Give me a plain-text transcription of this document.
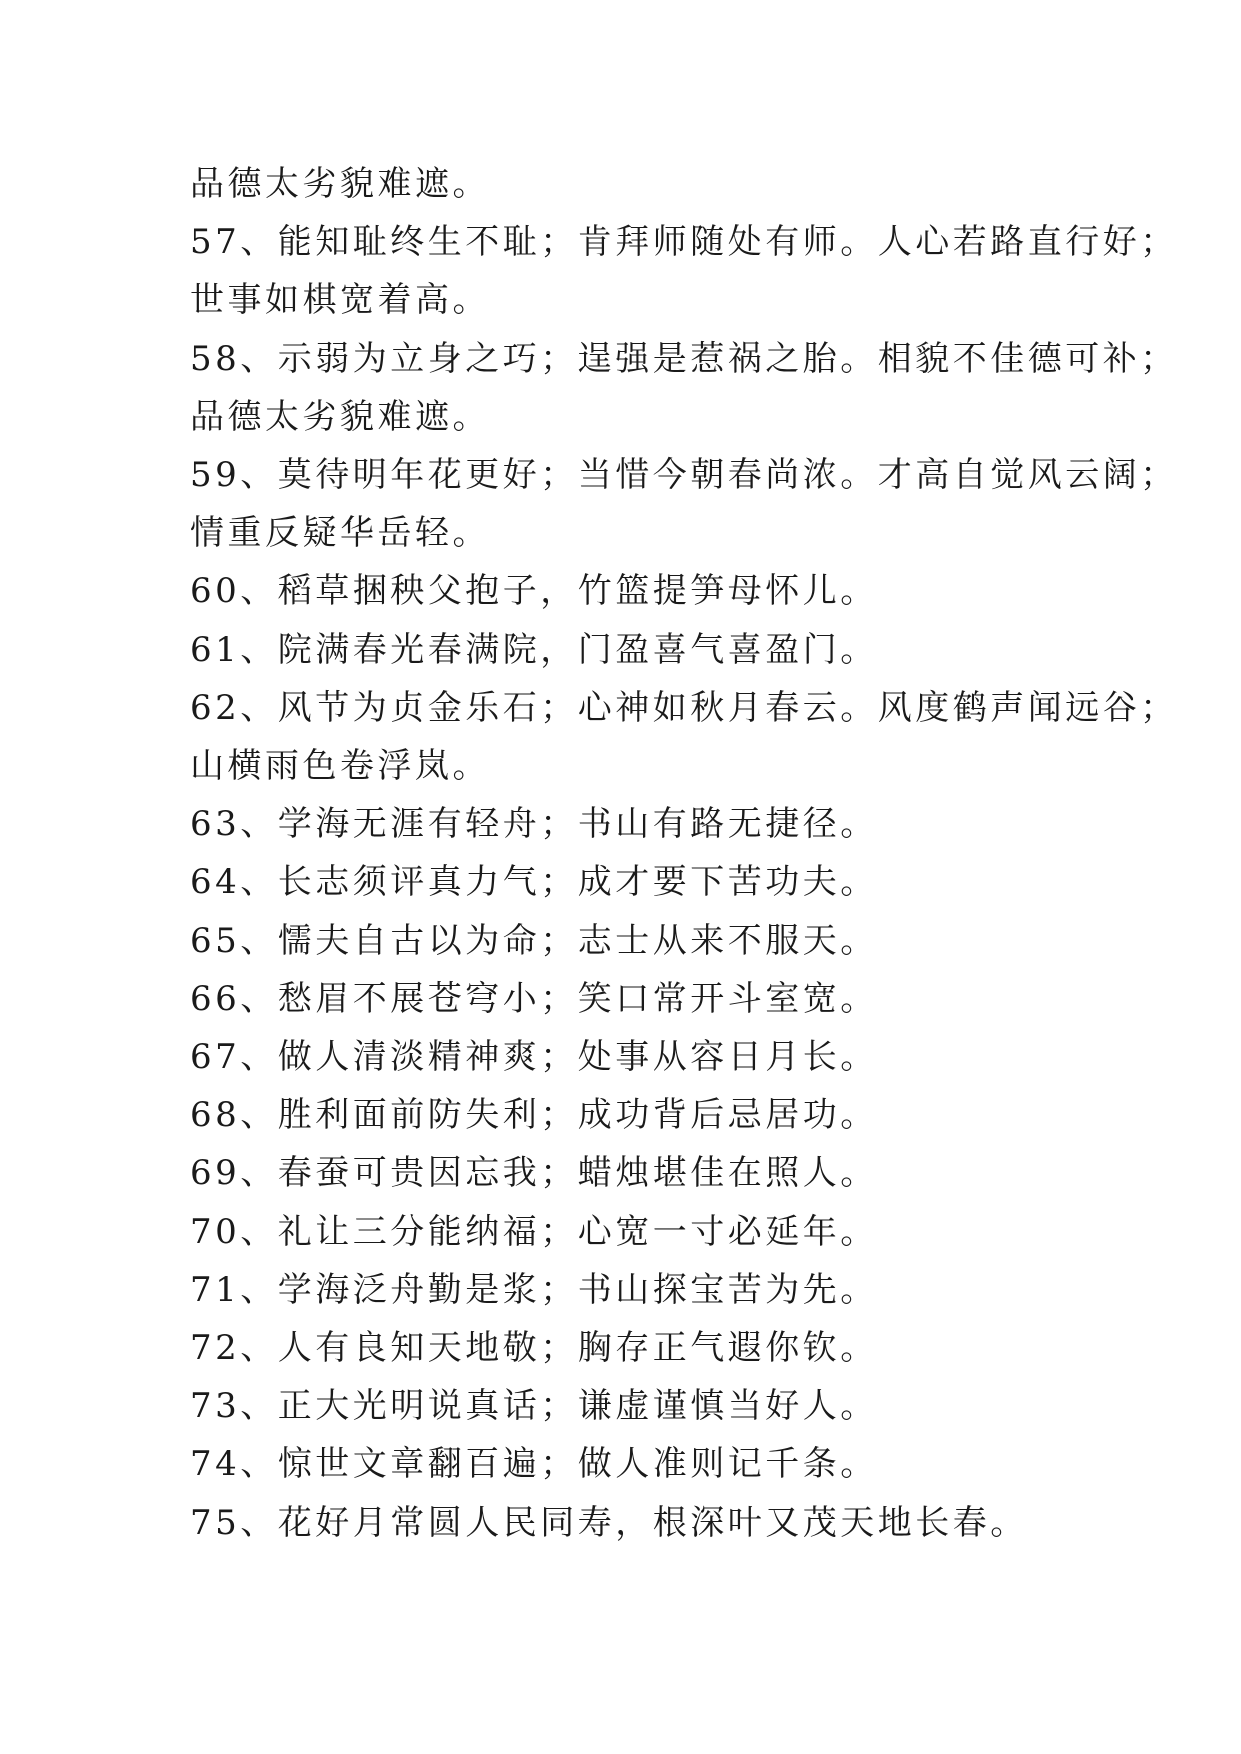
品德太劣貌难遮。

57、能知耻终生不耻；肯拜师随处有师。人心若路直行好；

世事如棋宽着高。

58、示弱为立身之巧；逞强是惹祸之胎。相貌不佳德可补；

品德太劣貌难遮。

59、莫待明年花更好；当惜今朝春尚浓。才高自觉风云阔；

情重反疑华岳轻。

60、稻草捆秧父抱子，竹篮提笋母怀儿。

61、院满春光春满院，门盈喜气喜盈门。

62、风节为贞金乐石；心神如秋月春云。风度鹤声闻远谷；

山横雨色卷浮岚。

63、学海无涯有轻舟；书山有路无捷径。

64、长志须评真力气；成才要下苦功夫。

65、懦夫自古以为命；志士从来不服天。

66、愁眉不展苍穹小；笑口常开斗室宽。

67、做人清淡精神爽；处事从容日月长。

68、胜利面前防失利；成功背后忌居功。

69、春蚕可贵因忘我；蜡烛堪佳在照人。

70、礼让三分能纳福；心宽一寸必延年。

71、学海泛舟勤是浆；书山探宝苦为先。

72、人有良知天地敬；胸存正气遐你钦。

73、正大光明说真话；谦虚谨慎当好人。

74、惊世文章翻百遍；做人准则记千条。

75、花好月常圆人民同寿，根深叶又茂天地长春。
